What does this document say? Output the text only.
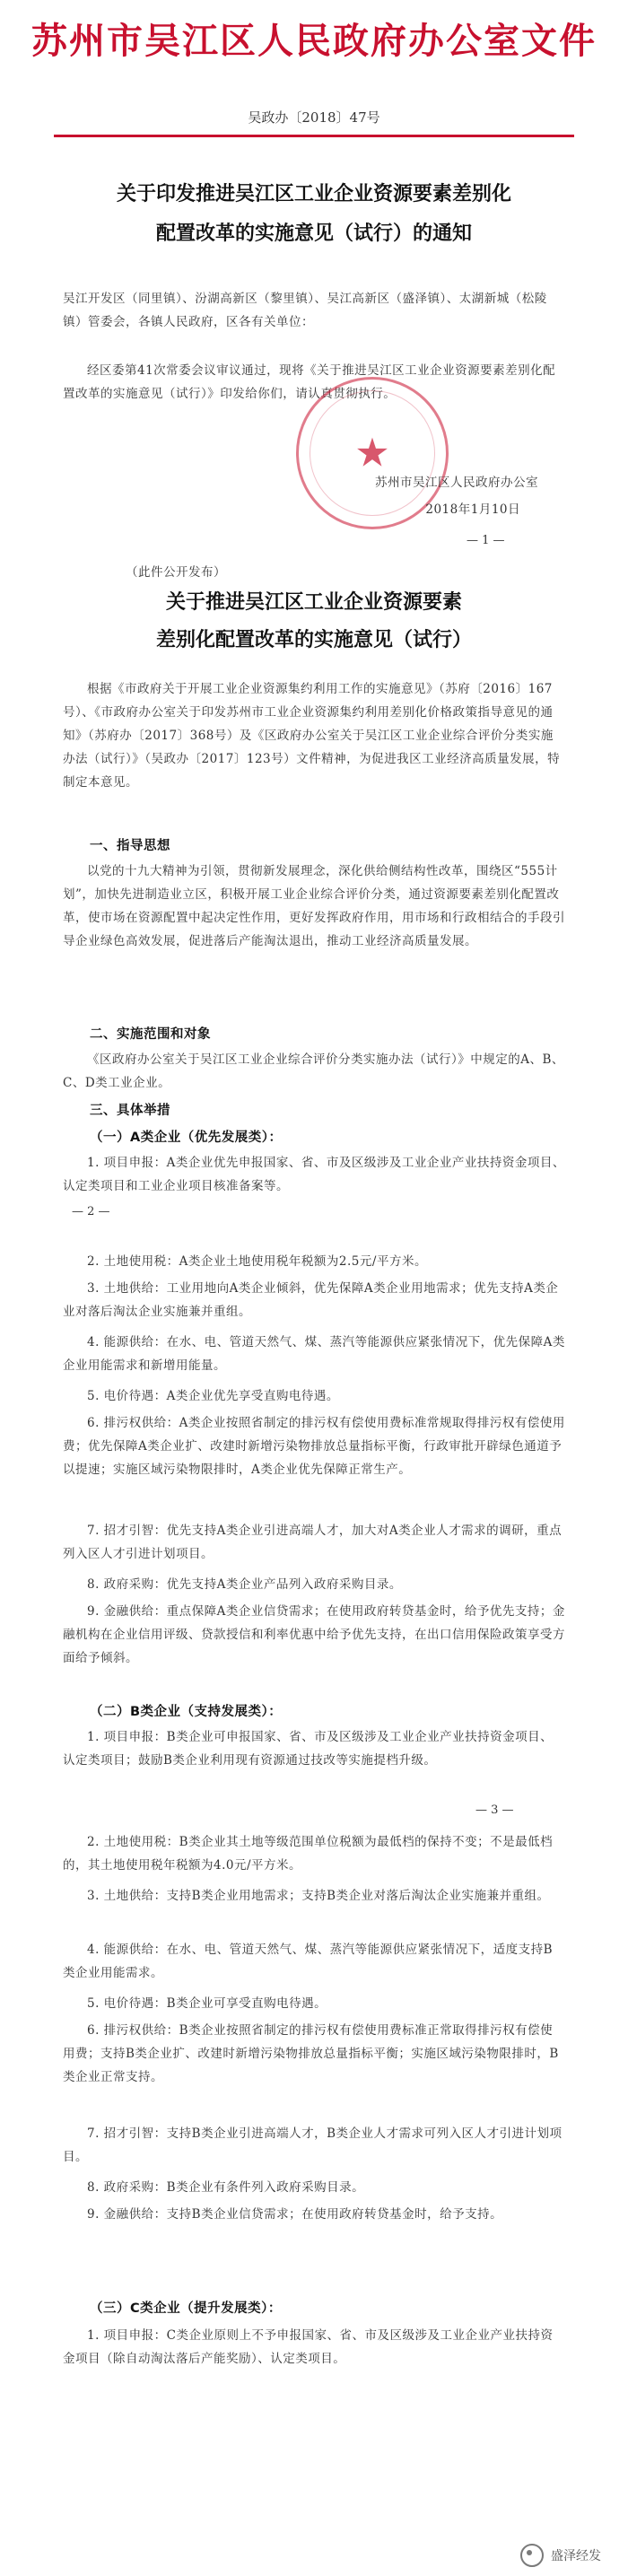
苏州市吴江区人民政府办公室文件
吴政办〔2018〕47号
关于印发推进吴江区工业企业资源要素差别化
配置改革的实施意见（试行）的通知
吴江开发区（同里镇）、汾湖高新区（黎里镇）、吴江高新区（盛泽镇）、太湖新城（松陵镇）管委会，各镇人民政府，区各有关单位：
经区委第41次常委会议审议通过，现将《关于推进吴江区工业企业资源要素差别化配置改革的实施意见（试行）》印发给你们，请认真贯彻执行。
★
苏州市吴江区人民政府办公室
2018年1月10日
— 1 —
（此件公开发布）
关于推进吴江区工业企业资源要素
差别化配置改革的实施意见（试行）
根据《市政府关于开展工业企业资源集约利用工作的实施意见》（苏府〔2016〕167号）、《市政府办公室关于印发苏州市工业企业资源集约利用差别化价格政策指导意见的通知》（苏府办〔2017〕368号）及《区政府办公室关于吴江区工业企业综合评价分类实施办法（试行）》（吴政办〔2017〕123号）文件精神，为促进我区工业经济高质量发展，特制定本意见。
一、指导思想
以党的十九大精神为引领，贯彻新发展理念，深化供给侧结构性改革，围绕区“555计划”，加快先进制造业立区，积极开展工业企业综合评价分类，通过资源要素差别化配置改革，使市场在资源配置中起决定性作用，更好发挥政府作用，用市场和行政相结合的手段引导企业绿色高效发展，促进落后产能淘汰退出，推动工业经济高质量发展。
二、实施范围和对象
《区政府办公室关于吴江区工业企业综合评价分类实施办法（试行）》中规定的A、B、C、D类工业企业。
三、具体举措
（一）A类企业（优先发展类）：
1. 项目申报：A类企业优先申报国家、省、市及区级涉及工业企业产业扶持资金项目、认定类项目和工业企业项目核准备案等。
— 2 —
2. 土地使用税：A类企业土地使用税年税额为2.5元/平方米。
3. 土地供给：工业用地向A类企业倾斜，优先保障A类企业用地需求；优先支持A类企业对落后淘汰企业实施兼并重组。
4. 能源供给：在水、电、管道天然气、煤、蒸汽等能源供应紧张情况下，优先保障A类企业用能需求和新增用能量。
5. 电价待遇：A类企业优先享受直购电待遇。
6. 排污权供给：A类企业按照省制定的排污权有偿使用费标准常规取得排污权有偿使用费；优先保障A类企业扩、改建时新增污染物排放总量指标平衡，行政审批开辟绿色通道予以提速；实施区域污染物限排时，A类企业优先保障正常生产。
7. 招才引智：优先支持A类企业引进高端人才，加大对A类企业人才需求的调研，重点列入区人才引进计划项目。
8. 政府采购：优先支持A类企业产品列入政府采购目录。
9. 金融供给：重点保障A类企业信贷需求；在使用政府转贷基金时，给予优先支持；金融机构在企业信用评级、贷款授信和利率优惠中给予优先支持，在出口信用保险政策享受方面给予倾斜。
（二）B类企业（支持发展类）：
1. 项目申报：B类企业可申报国家、省、市及区级涉及工业企业产业扶持资金项目、认定类项目；鼓励B类企业利用现有资源通过技改等实施提档升级。
— 3 —
2. 土地使用税：B类企业其土地等级范围单位税额为最低档的保持不变；不是最低档的，其土地使用税年税额为4.0元/平方米。
3. 土地供给：支持B类企业用地需求；支持B类企业对落后淘汰企业实施兼并重组。
4. 能源供给：在水、电、管道天然气、煤、蒸汽等能源供应紧张情况下，适度支持B类企业用能需求。
5. 电价待遇：B类企业可享受直购电待遇。
6. 排污权供给：B类企业按照省制定的排污权有偿使用费标准正常取得排污权有偿使用费；支持B类企业扩、改建时新增污染物排放总量指标平衡；实施区域污染物限排时，B类企业正常支持。
7. 招才引智：支持B类企业引进高端人才，B类企业人才需求可列入区人才引进计划项目。
8. 政府采购：B类企业有条件列入政府采购目录。
9. 金融供给：支持B类企业信贷需求；在使用政府转贷基金时，给予支持。
（三）C类企业（提升发展类）：
1. 项目申报：C类企业原则上不予申报国家、省、市及区级涉及工业企业产业扶持资金项目（除自动淘汰落后产能奖励）、认定类项目。
盛泽经发
